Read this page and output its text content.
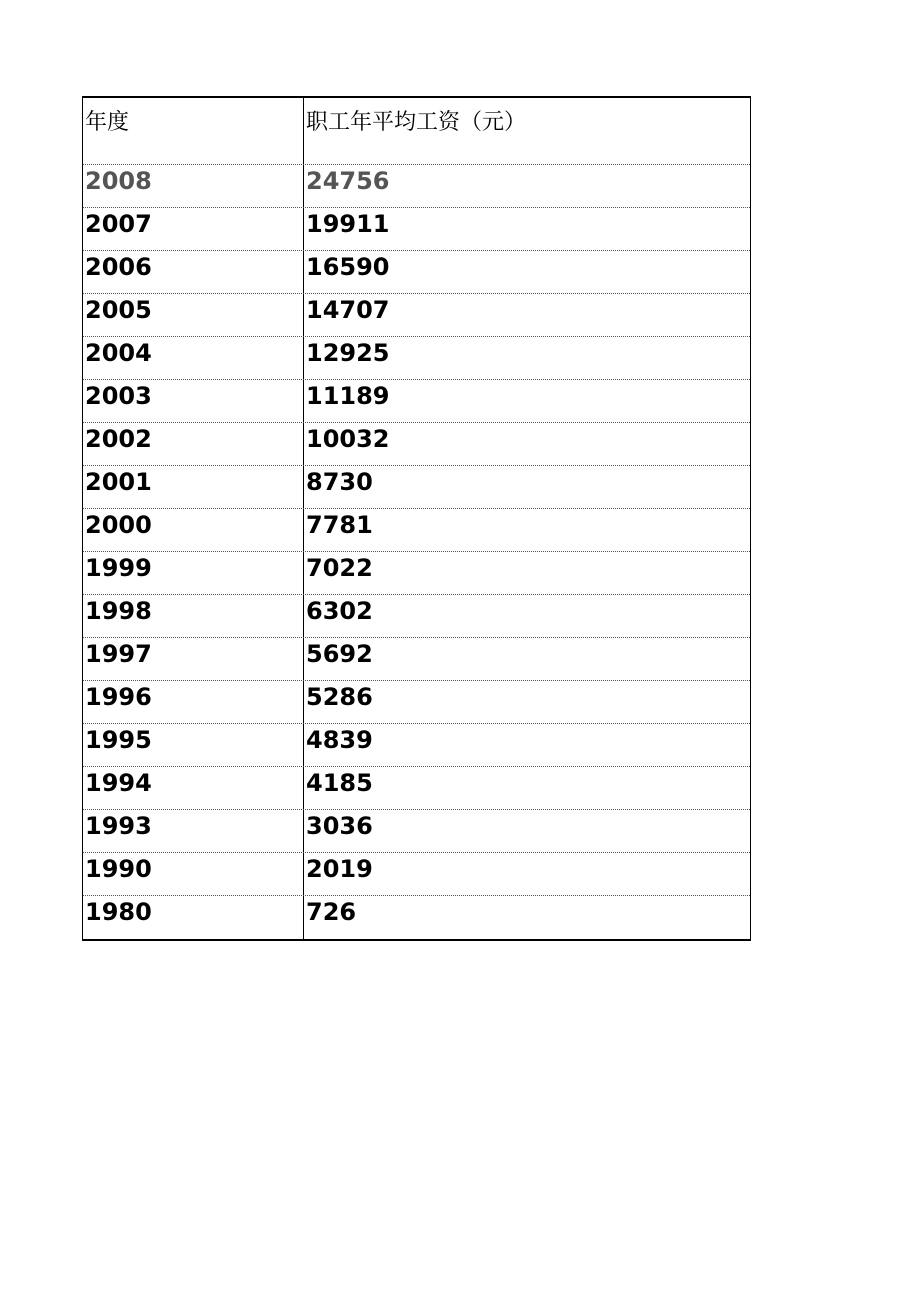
年度	职工年平均工资（元）
2008	24756
2007	19911
2006	16590
2005	14707
2004	12925
2003	11189
2002	10032
2001	8730
2000	7781
1999	7022
1998	6302
1997	5692
1996	5286
1995	4839
1994	4185
1993	3036
1990	2019
1980	726
